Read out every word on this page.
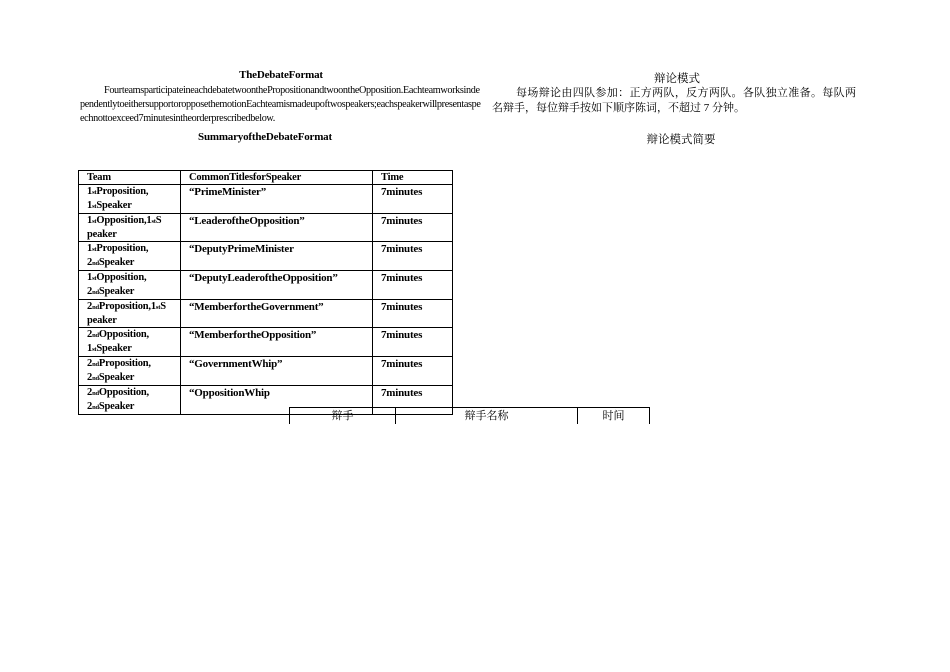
TheDebateFormat

FourteamsparticipateineachdebatetwoonthePropositionandtwoontheOpposition.EachteamworksindependentlytoeithersupportoropposethemotionEachteamismadeupoftwospeakers;eachspeakerwillpresentaspeechnottoexceed7minutesintheorderprescribedbelow.

SummaryoftheDebateFormat
辩论模式

每场辩论由四队参加：正方两队，反方两队。各队独立准备。每队两名辩手，每位辩手按如下顺序陈词，不超过 7 分钟。

辩论模式简要
Team	CommonTitlesforSpeaker	Time
1stProposition,
1stSpeaker	“PrimeMinister”	7minutes
1stOpposition,1stS
peaker	“LeaderoftheOpposition”	7minutes
1stProposition,
2ndSpeaker	“DeputyPrimeMinister	7minutes
1stOpposition,
2ndSpeaker	“DeputyLeaderoftheOpposition”	7minutes
2ndProposition,1stS
peaker	“MemberfortheGovernment”	7minutes
2ndOpposition,
1stSpeaker	“MemberfortheOpposition”	7minutes
2ndProposition,
2ndSpeaker	“GovernmentWhip”	7minutes
2ndOpposition,
2ndSpeaker	“OppositionWhip	7minutes
辩手	辩手名称	时间
